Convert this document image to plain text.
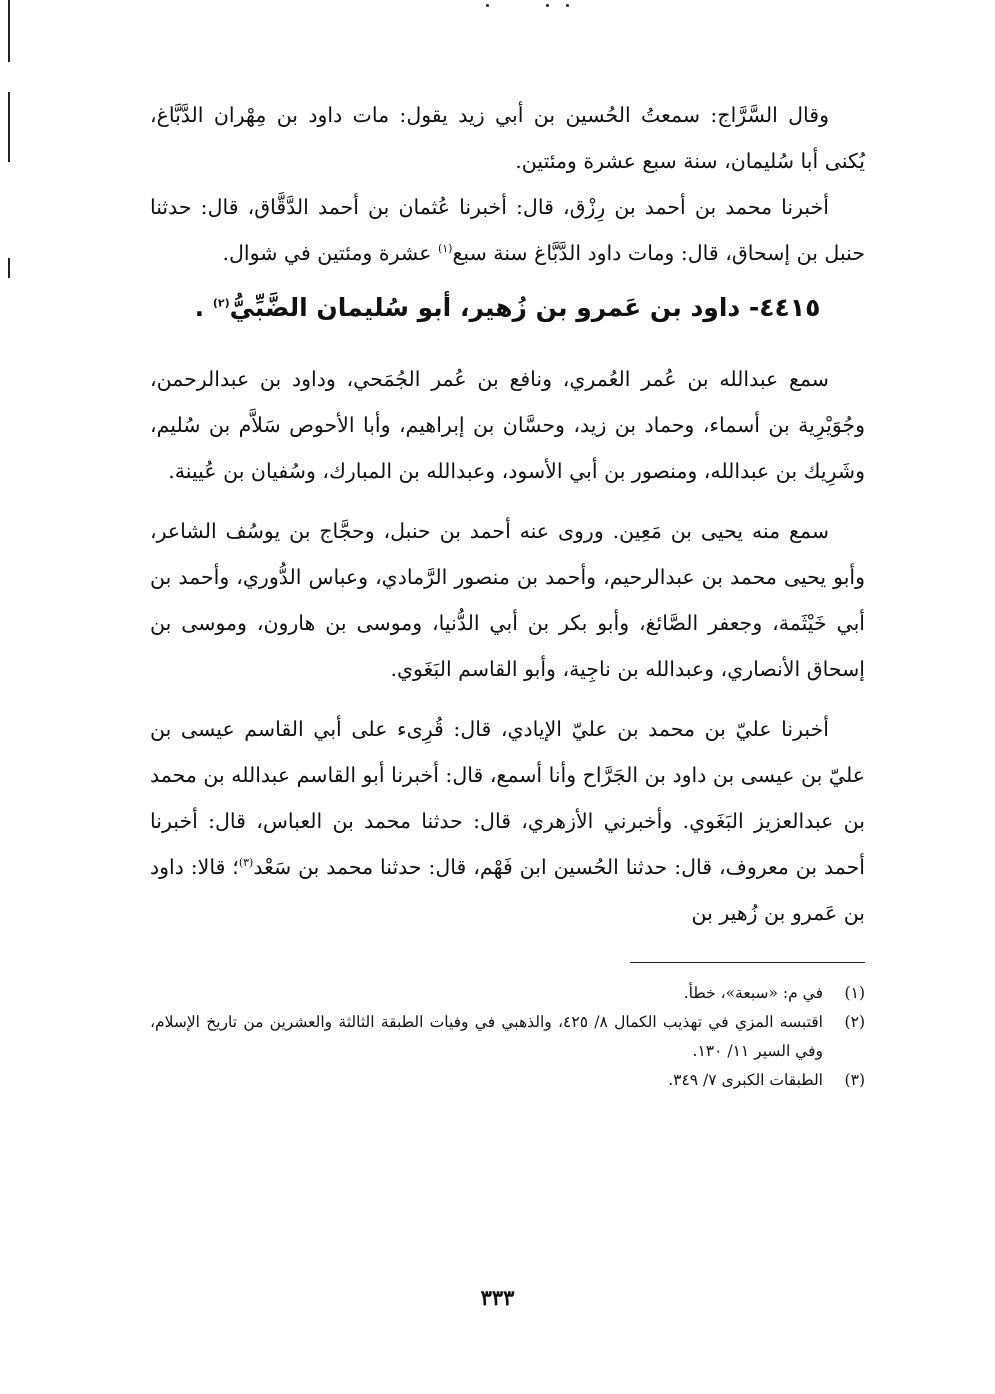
وقال السَّرَّاج: سمعتُ الحُسين بن أبي زيد يقول: مات داود بن مِهْران الدَّبَّاغ، يُكنى أبا سُليمان، سنة سبع عشرة ومئتين.

أخبرنا محمد بن أحمد بن رِزْق، قال: أخبرنا عُثمان بن أحمد الدَّقَّاق، قال: حدثنا حنبل بن إسحاق، قال: ومات داود الدَّبَّاغ سنة سبع$^{(١)}$ عشرة ومئتين في شوال.

٤٤١٥- داود بن عَمرو بن زُهير، أبو سُليمان الضَّبِّيُّ$^{(٢)}$ .

سمع عبدالله بن عُمر العُمري، ونافع بن عُمر الجُمَحي، وداود بن عبدالرحمن، وجُوَيْرِية بن أسماء، وحماد بن زيد، وحسَّان بن إبراهيم، وأبا الأحوص سَلاَّم بن سُليم، وشَرِيك بن عبدالله، ومنصور بن أبي الأسود، وعبدالله بن المبارك، وسُفيان بن عُيينة.

سمع منه يحيى بن مَعِين. وروى عنه أحمد بن حنبل، وحجَّاج بن يوسُف الشاعر، وأبو يحيى محمد بن عبدالرحيم، وأحمد بن منصور الرَّمادي، وعباس الدُّوري، وأحمد بن أبي خَيْثَمة، وجعفر الصَّائغ، وأبو بكر بن أبي الدُّنيا، وموسى بن هارون، وموسى بن إسحاق الأنصاري، وعبدالله بن ناجِية، وأبو القاسم البَغَوي.

أخبرنا عليّ بن محمد بن عليّ الإيادي، قال: قُرِىء على أبي القاسم عيسى بن عليّ بن عيسى بن داود بن الجَرَّاح وأنا أسمع، قال: أخبرنا أبو القاسم عبدالله بن محمد بن عبدالعزيز البَغَوي. وأخبرني الأزهري، قال: حدثنا محمد بن العباس، قال: أخبرنا أحمد بن معروف، قال: حدثنا الحُسين ابن فَهْم، قال: حدثنا محمد بن سَعْد$^{(٣)}$؛ قالا: داود بن عَمرو بن زُهير بن

(١)
في م: «سبعة»، خطأ.
(٢)
اقتبسه المزي في تهذيب الكمال ٨/ ٤٢٥، والذهبي في وفيات الطبقة الثالثة والعشرين من تاريخ الإسلام، وفي السير ١١/ ١٣٠.
(٣)
الطبقات الكبرى ٧/ ٣٤٩.
٣٣٣
